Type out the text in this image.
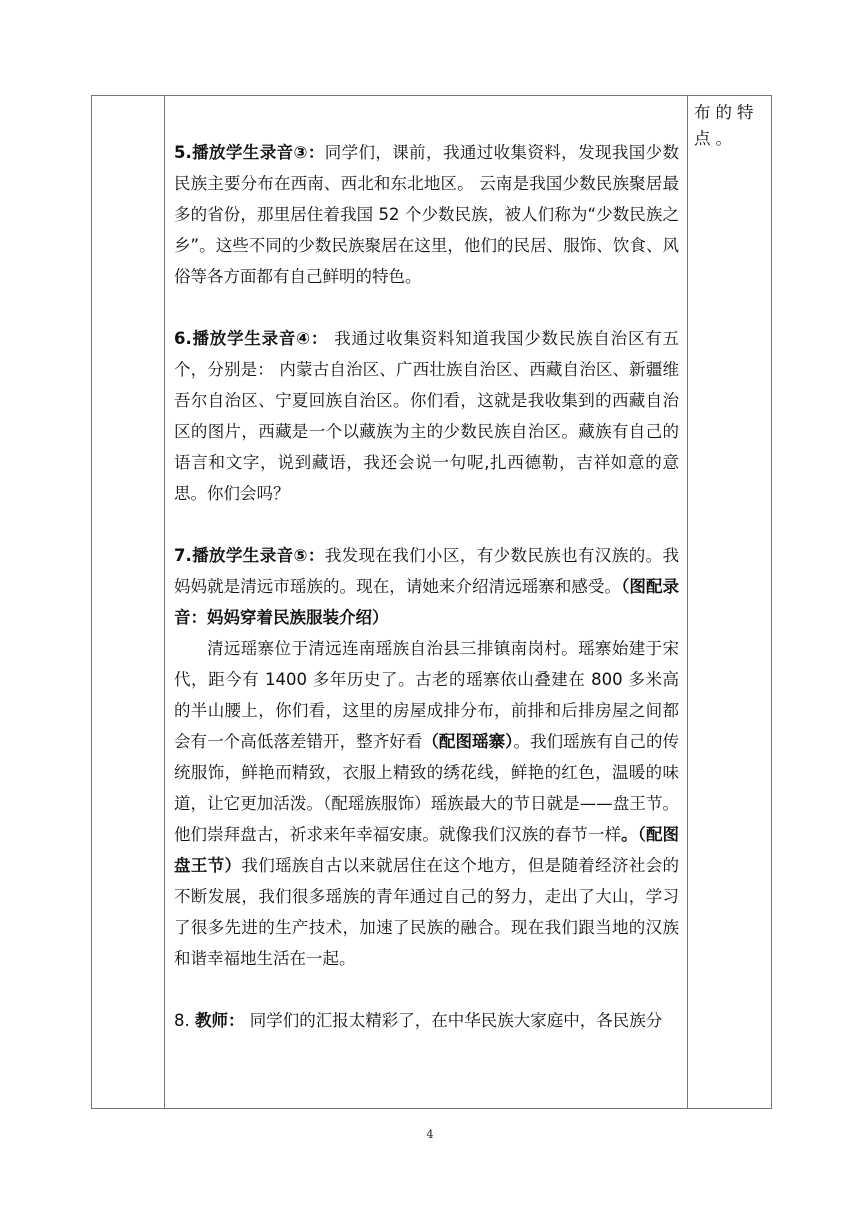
布的特点。

5.播放学生录音③：同学们，课前，我通过收集资料，发现我国少数民族主要分布在西南、西北和东北地区。 云南是我国少数民族聚居最多的省份，那里居住着我国 52 个少数民族，被人们称为“少数民族之乡”。这些不同的少数民族聚居在这里，他们的民居、服饰、饮食、风俗等各方面都有自己鲜明的特色。

6.播放学生录音④： 我通过收集资料知道我国少数民族自治区有五个，分别是： 内蒙古自治区、广西壮族自治区、西藏自治区、新疆维吾尔自治区、宁夏回族自治区。你们看，这就是我收集到的西藏自治区的图片，西藏是一个以藏族为主的少数民族自治区。藏族有自己的语言和文字，说到藏语，我还会说一句呢,扎西德勒，吉祥如意的意思。你们会吗？

7.播放学生录音⑤：我发现在我们小区，有少数民族也有汉族的。我妈妈就是清远市瑶族的。现在，请她来介绍清远瑶寨和感受。（图配录音：妈妈穿着民族服装介绍）

清远瑶寨位于清远连南瑶族自治县三排镇南岗村。瑶寨始建于宋代，距今有 1400 多年历史了。古老的瑶寨依山叠建在 800 多米高的半山腰上，你们看，这里的房屋成排分布，前排和后排房屋之间都会有一个高低落差错开，整齐好看（配图瑶寨）。我们瑶族有自己的传统服饰，鲜艳而精致，衣服上精致的绣花线，鲜艳的红色，温暖的味道，让它更加活泼。（配瑶族服饰）瑶族最大的节日就是——盘王节。他们崇拜盘古，祈求来年幸福安康。就像我们汉族的春节一样。（配图盘王节）我们瑶族自古以来就居住在这个地方，但是随着经济社会的不断发展，我们很多瑶族的青年通过自己的努力，走出了大山，学习了很多先进的生产技术，加速了民族的融合。现在我们跟当地的汉族和谐幸福地生活在一起。

8. 教师： 同学们的汇报太精彩了，在中华民族大家庭中，各民族分

4
